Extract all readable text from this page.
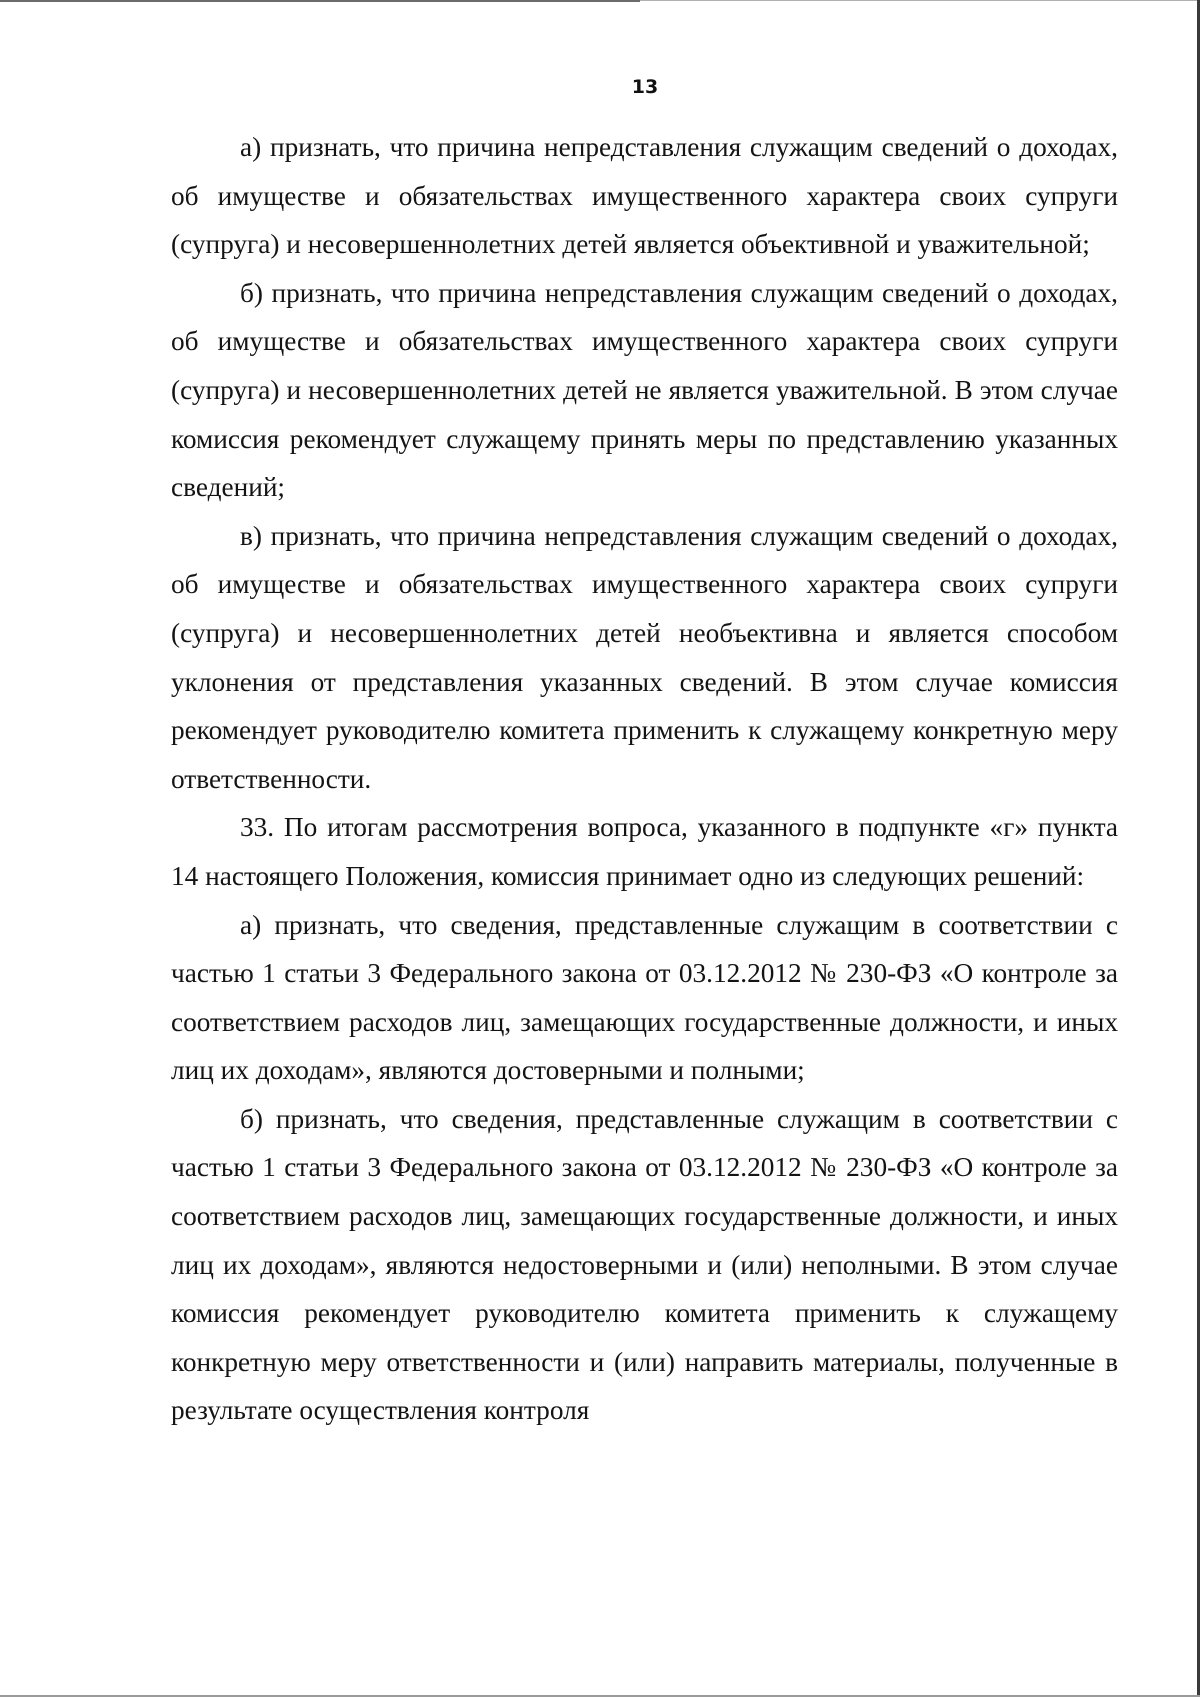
13

а) признать, что причина непредставления служащим сведений о доходах, об имуществе и обязательствах имущественного характера своих супруги (супруга) и несовершеннолетних детей является объективной и уважительной;

б) признать, что причина непредставления служащим сведений о доходах, об имуществе и обязательствах имущественного характера своих супруги (супруга) и несовершеннолетних детей не является уважительной. В этом случае комиссия рекомендует служащему принять меры по представлению указанных сведений;

в) признать, что причина непредставления служащим сведений о доходах, об имуществе и обязательствах имущественного характера своих супруги (супруга) и несовершеннолетних детей необъективна и является способом уклонения от представления указанных сведений. В этом случае комиссия рекомендует руководителю комитета применить к служащему конкретную меру ответственности.

33. По итогам рассмотрения вопроса, указанного в подпункте «г» пункта 14 настоящего Положения, комиссия принимает одно из следующих решений:

а) признать, что сведения, представленные служащим в соответствии с частью 1 статьи 3 Федерального закона от 03.12.2012 № 230-ФЗ «О контроле за соответствием расходов лиц, замещающих государственные должности, и иных лиц их доходам», являются достоверными и полными;

б) признать, что сведения, представленные служащим в соответствии с частью 1 статьи 3 Федерального закона от 03.12.2012 № 230-ФЗ «О контроле за соответствием расходов лиц, замещающих государственные должности, и иных лиц их доходам», являются недостоверными и (или) неполными. В этом случае комиссия рекомендует руководителю комитета применить к служащему конкретную меру ответственности и (или) направить материалы, полученные в результате осуществления контроля
